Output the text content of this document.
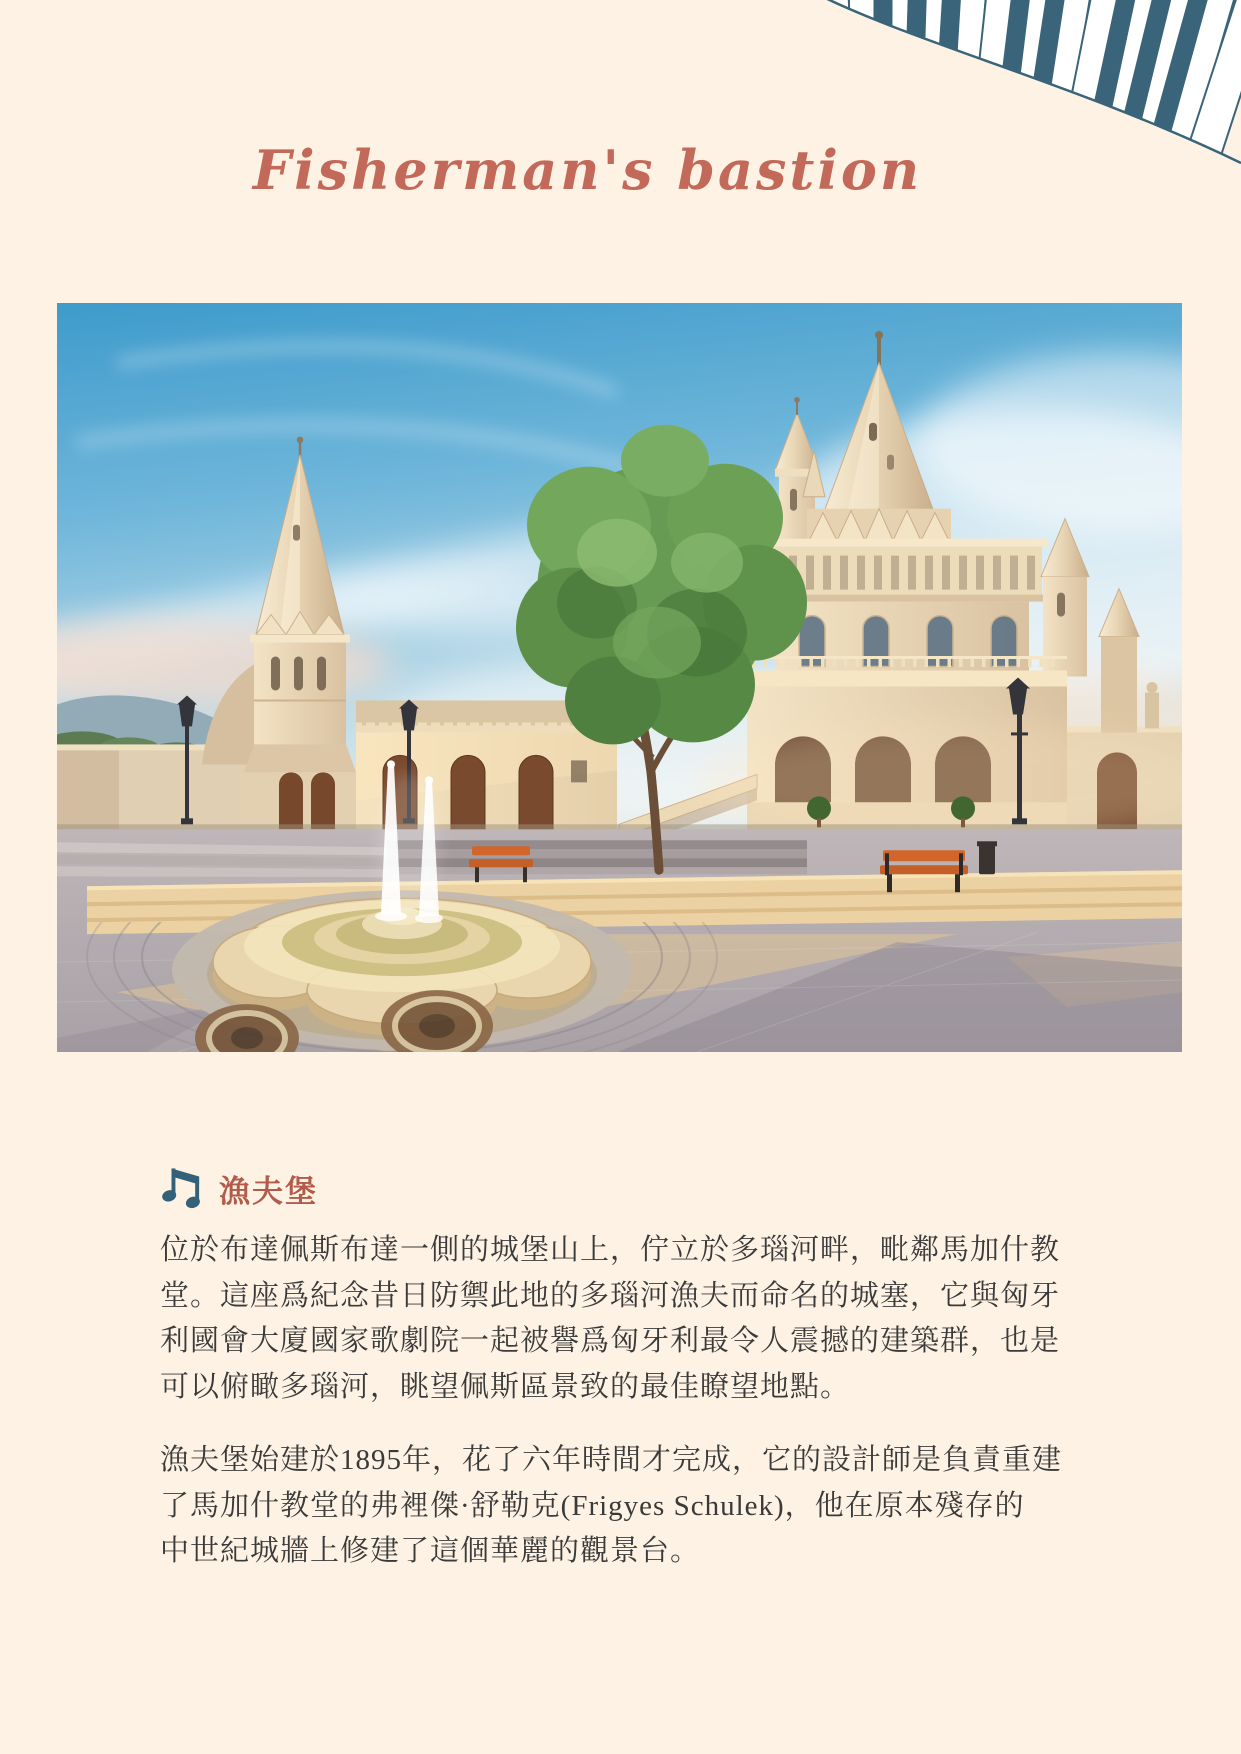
Fisherman's bastion
漁夫堡
位於布達佩斯布達一側的城堡山上，佇立於多瑙河畔，毗鄰馬加什教
堂。這座爲紀念昔日防禦此地的多瑙河漁夫而命名的城塞，它與匈牙
利國會大廈國家歌劇院一起被譽爲匈牙利最令人震撼的建築群，也是
可以俯瞰多瑙河，眺望佩斯區景致的最佳瞭望地點。
漁夫堡始建於1895年，花了六年時間才完成，它的設計師是負責重建
了馬加什教堂的弗裡傑·舒勒克(Frigyes Schulek)，他在原本殘存的
中世紀城牆上修建了這個華麗的觀景台。
